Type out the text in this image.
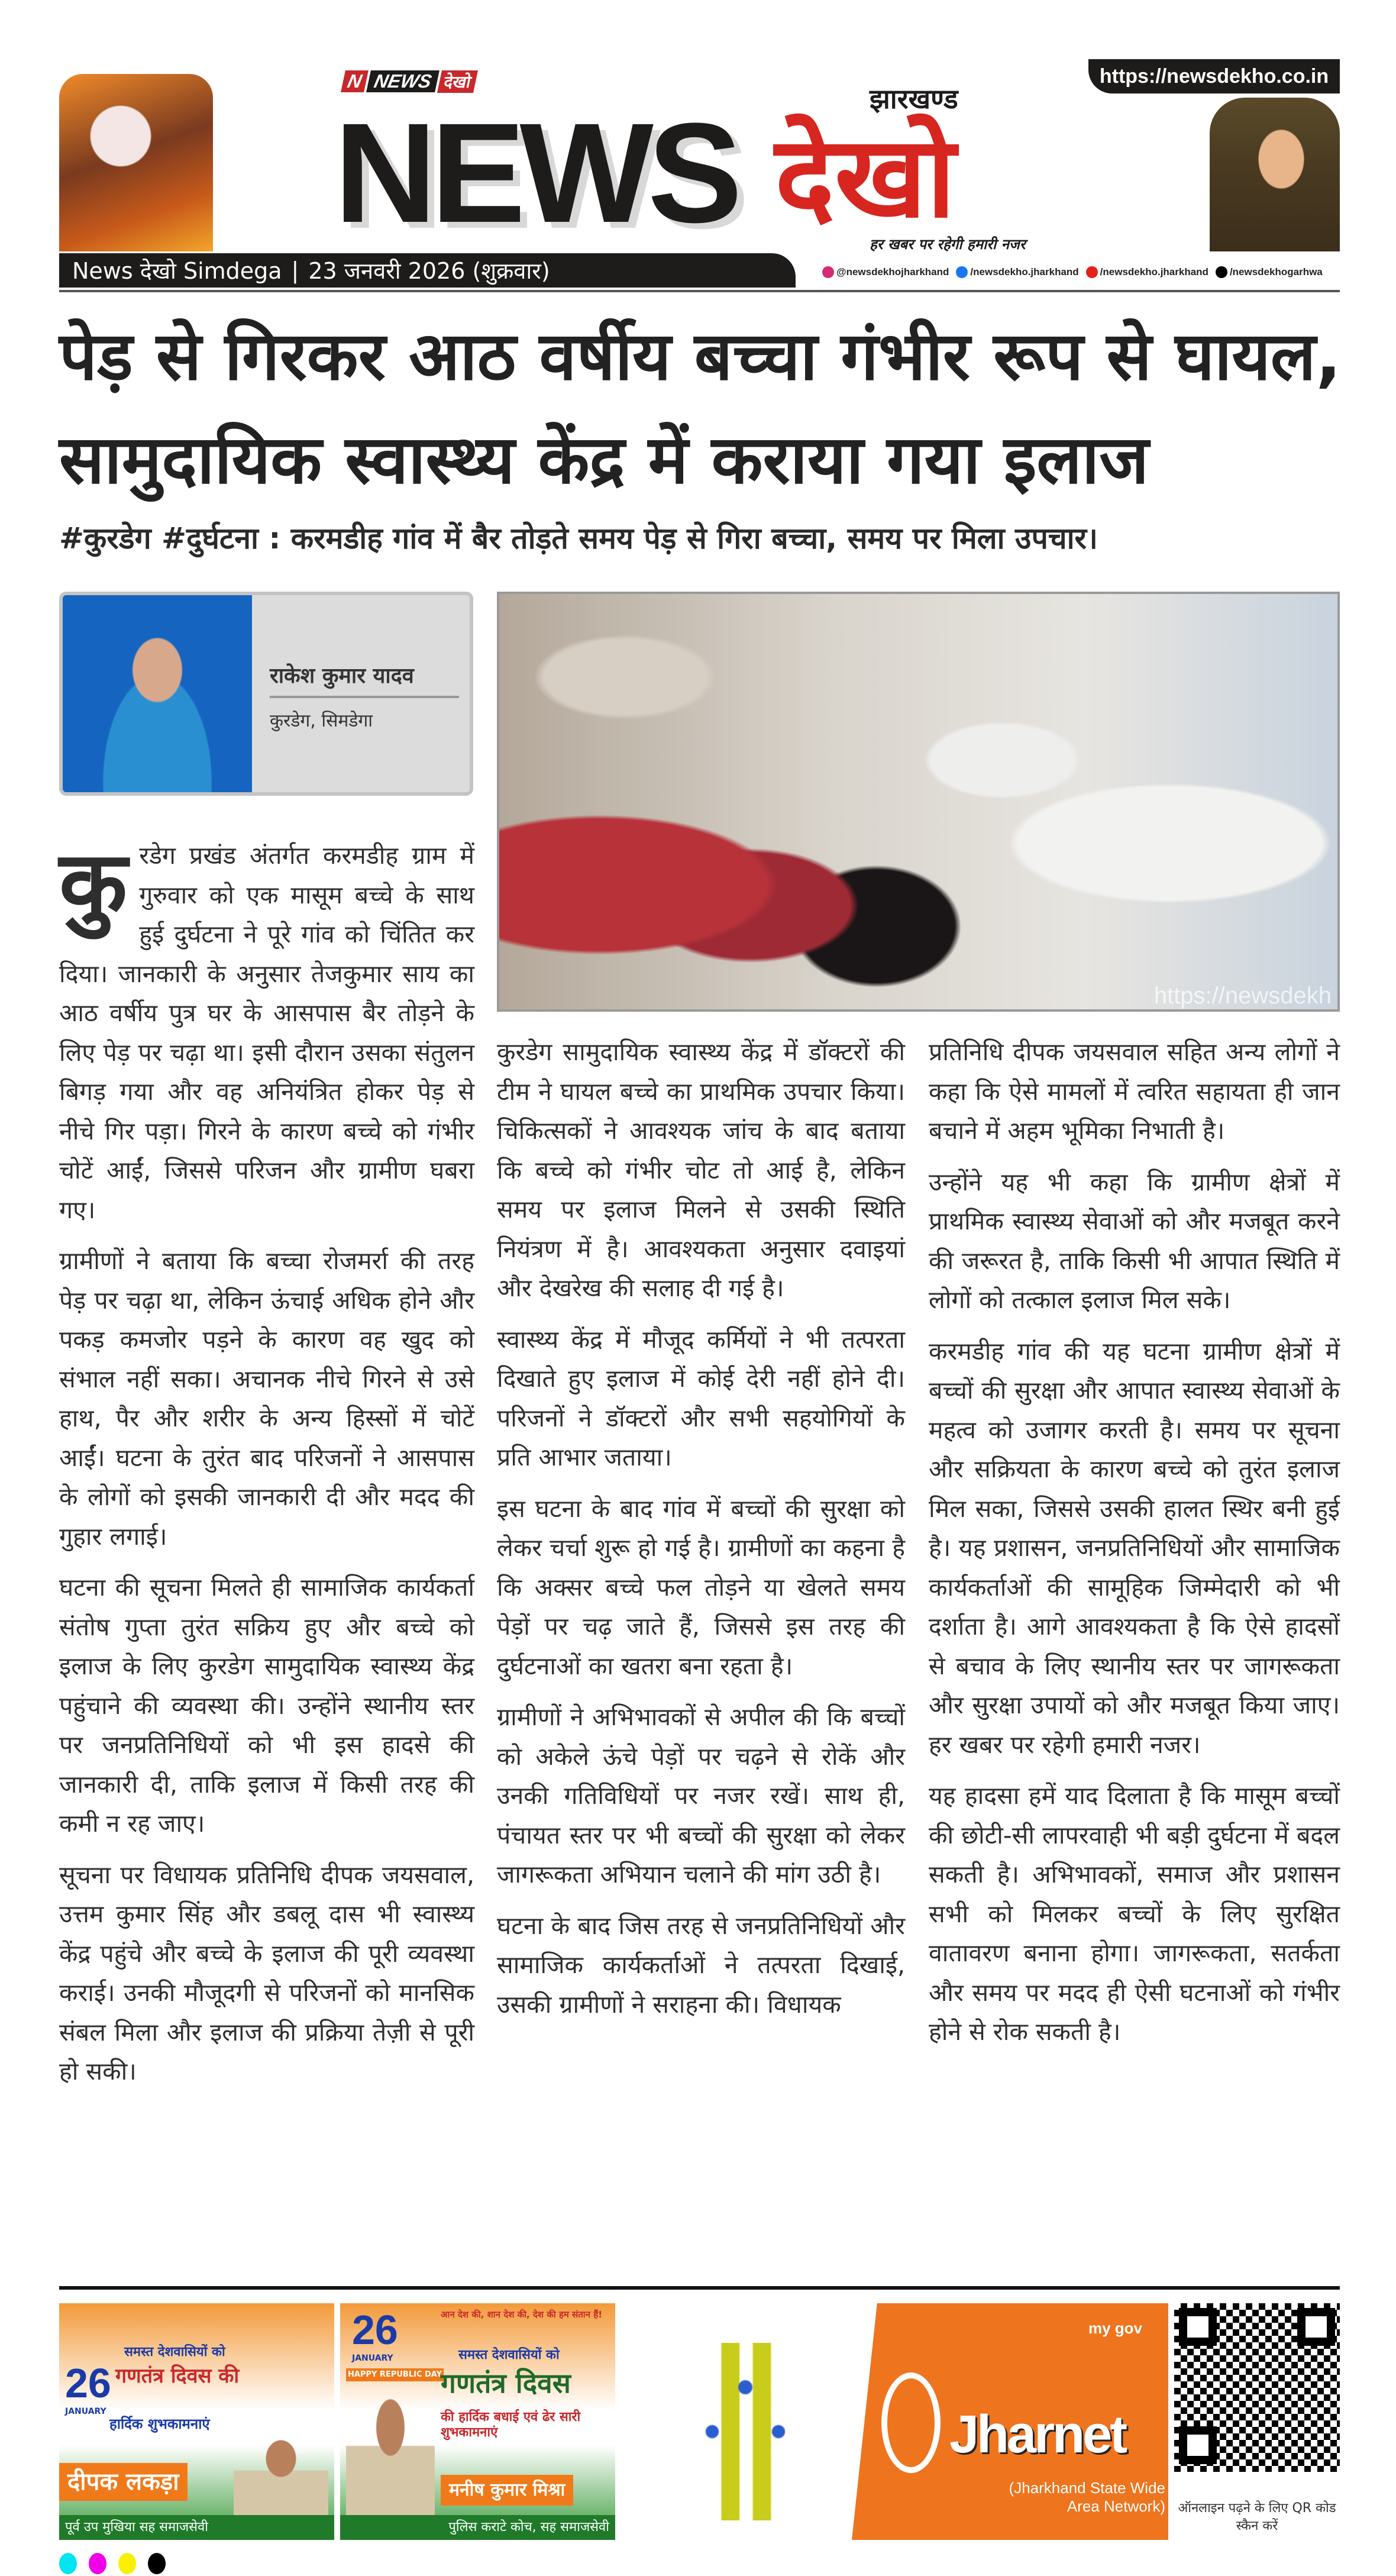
https://newsdekho.co.in
N NEWS देखो
NEWS	झारखण्ड
देखो
हर खबर पर रहेगी हमारी नजर
News देखो Simdega | 23 जनवरी 2026 (शुक्रवार)	@newsdekhojharkhand /newsdekho.jharkhand /newsdekho.jharkhand /newsdekhogarhwa
पेड़ से गिरकर आठ वर्षीय बच्चा गंभीर रूप से घायल, सामुदायिक स्वास्थ्य केंद्र में कराया गया इलाज
#कुरडेग #दुर्घटना : करमडीह गांव में बैर तोड़ते समय पेड़ से गिरा बच्चा, समय पर मिला उपचार।
राकेश कुमार यादव
कुरडेग, सिमडेगा
https://newsdekh

कुरडेग प्रखंड अंतर्गत करमडीह ग्राम में गुरुवार को एक मासूम बच्चे के साथ हुई दुर्घटना ने पूरे गांव को चिंतित कर दिया। जानकारी के अनुसार तेजकुमार साय का आठ वर्षीय पुत्र घर के आसपास बैर तोड़ने के लिए पेड़ पर चढ़ा था। इसी दौरान उसका संतुलन बिगड़ गया और वह अनियंत्रित होकर पेड़ से नीचे गिर पड़ा। गिरने के कारण बच्चे को गंभीर चोटें आईं, जिससे परिजन और ग्रामीण घबरा गए।

ग्रामीणों ने बताया कि बच्चा रोजमर्रा की तरह पेड़ पर चढ़ा था, लेकिन ऊंचाई अधिक होने और पकड़ कमजोर पड़ने के कारण वह खुद को संभाल नहीं सका। अचानक नीचे गिरने से उसे हाथ, पैर और शरीर के अन्य हिस्सों में चोटें आईं। घटना के तुरंत बाद परिजनों ने आसपास के लोगों को इसकी जानकारी दी और मदद की गुहार लगाई।

घटना की सूचना मिलते ही सामाजिक कार्यकर्ता संतोष गुप्ता तुरंत सक्रिय हुए और बच्चे को इलाज के लिए कुरडेग सामुदायिक स्वास्थ्य केंद्र पहुंचाने की व्यवस्था की। उन्होंने स्थानीय स्तर पर जनप्रतिनिधियों को भी इस हादसे की जानकारी दी, ताकि इलाज में किसी तरह की कमी न रह जाए।

सूचना पर विधायक प्रतिनिधि दीपक जयसवाल, उत्तम कुमार सिंह और डबलू दास भी स्वास्थ्य केंद्र पहुंचे और बच्चे के इलाज की पूरी व्यवस्था कराई। उनकी मौजूदगी से परिजनों को मानसिक संबल मिला और इलाज की प्रक्रिया तेज़ी से पूरी हो सकी।

कुरडेग सामुदायिक स्वास्थ्य केंद्र में डॉक्टरों की टीम ने घायल बच्चे का प्राथमिक उपचार किया। चिकित्सकों ने आवश्यक जांच के बाद बताया कि बच्चे को गंभीर चोट तो आई है, लेकिन समय पर इलाज मिलने से उसकी स्थिति नियंत्रण में है। आवश्यकता अनुसार दवाइयां और देखरेख की सलाह दी गई है।

स्वास्थ्य केंद्र में मौजूद कर्मियों ने भी तत्परता दिखाते हुए इलाज में कोई देरी नहीं होने दी। परिजनों ने डॉक्टरों और सभी सहयोगियों के प्रति आभार जताया।

इस घटना के बाद गांव में बच्चों की सुरक्षा को लेकर चर्चा शुरू हो गई है। ग्रामीणों का कहना है कि अक्सर बच्चे फल तोड़ने या खेलते समय पेड़ों पर चढ़ जाते हैं, जिससे इस तरह की दुर्घटनाओं का खतरा बना रहता है।

ग्रामीणों ने अभिभावकों से अपील की कि बच्चों को अकेले ऊंचे पेड़ों पर चढ़ने से रोकें और उनकी गतिविधियों पर नजर रखें। साथ ही, पंचायत स्तर पर भी बच्चों की सुरक्षा को लेकर जागरूकता अभियान चलाने की मांग उठी है।

घटना के बाद जिस तरह से जनप्रतिनिधियों और सामाजिक कार्यकर्ताओं ने तत्परता दिखाई, उसकी ग्रामीणों ने सराहना की। विधायक

प्रतिनिधि दीपक जयसवाल सहित अन्य लोगों ने कहा कि ऐसे मामलों में त्वरित सहायता ही जान बचाने में अहम भूमिका निभाती है।

उन्होंने यह भी कहा कि ग्रामीण क्षेत्रों में प्राथमिक स्वास्थ्य सेवाओं को और मजबूत करने की जरूरत है, ताकि किसी भी आपात स्थिति में लोगों को तत्काल इलाज मिल सके।

करमडीह गांव की यह घटना ग्रामीण क्षेत्रों में बच्चों की सुरक्षा और आपात स्वास्थ्य सेवाओं के महत्व को उजागर करती है। समय पर सूचना और सक्रियता के कारण बच्चे को तुरंत इलाज मिल सका, जिससे उसकी हालत स्थिर बनी हुई है। यह प्रशासन, जनप्रतिनिधियों और सामाजिक कार्यकर्ताओं की सामूहिक जिम्मेदारी को भी दर्शाता है। आगे आवश्यकता है कि ऐसे हादसों से बचाव के लिए स्थानीय स्तर पर जागरूकता और सुरक्षा उपायों को और मजबूत किया जाए। हर खबर पर रहेगी हमारी नजर।

यह हादसा हमें याद दिलाता है कि मासूम बच्चों की छोटी-सी लापरवाही भी बड़ी दुर्घटना में बदल सकती है। अभिभावकों, समाज और प्रशासन सभी को मिलकर बच्चों के लिए सुरक्षित वातावरण बनाना होगा। जागरूकता, सतर्कता और समय पर मदद ही ऐसी घटनाओं को गंभीर होने से रोक सकती है।

26
JANUARY
समस्त देशवासियों को
गणतंत्र दिवस की
हार्दिक शुभकामनाएं
दीपक लकड़ा
पूर्व उप मुखिया सह समाजसेवी
26
JANUARY
HAPPY REPUBLIC DAY
आन देश की, शान देश की, देश की हम संतान हैं!
समस्त देशवासियों को
गणतंत्र दिवस
की हार्दिक बधाई एवं ढेर सारी शुभकामनाएं
मनीष कुमार मिश्रा
पुलिस कराटे कोच, सह समाजसेवी
my gov
Jharnet
(Jharkhand State Wide Area Network) ऑनलाइन पढ़ने के लिए QR कोड स्कैन करें
